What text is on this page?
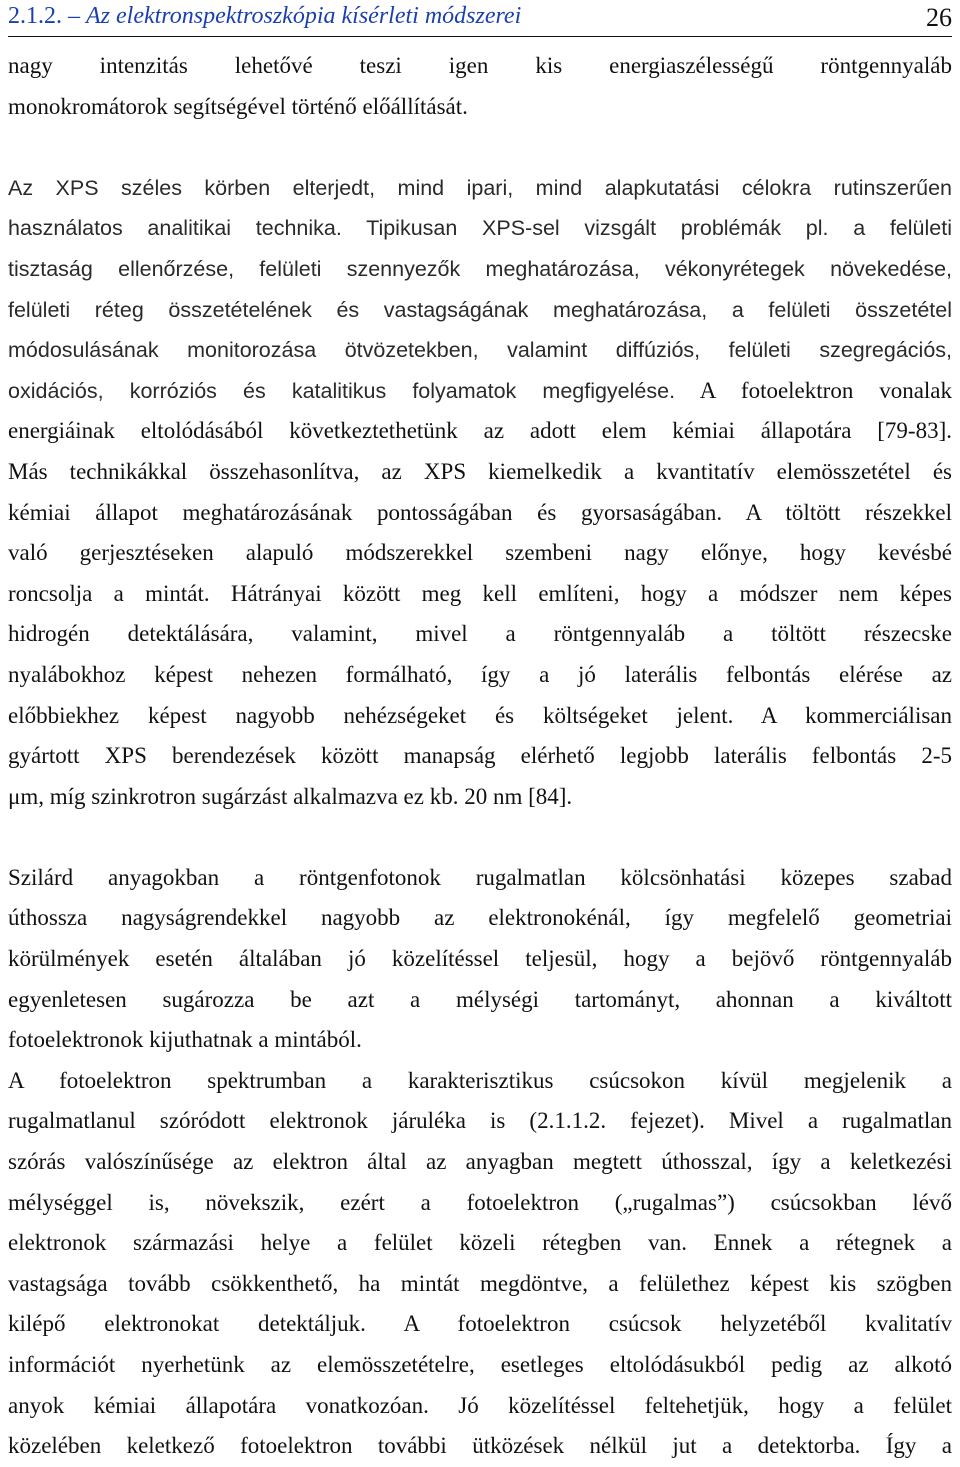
2.1.2. – Az elektronspektroszkópia kísérleti módszerei	26
nagy intenzitás lehetővé teszi igen kis energiaszélességű röntgennyaláb
monokromátorok segítségével történő előállítását.
Az XPS széles körben elterjedt, mind ipari, mind alapkutatási célokra rutinszerűen
használatos analitikai technika. Tipikusan XPS-sel vizsgált problémák pl. a felületi
tisztaság ellenőrzése, felületi szennyezők meghatározása, vékonyrétegek növekedése,
felületi réteg összetételének és vastagságának meghatározása, a felületi összetétel
módosulásának monitorozása ötvözetekben, valamint diffúziós, felületi szegregációs,
oxidációs, korróziós és katalitikus folyamatok megfigyelése. A fotoelektron vonalak
energiáinak eltolódásából következtethetünk az adott elem kémiai állapotára [79-83].
Más technikákkal összehasonlítva, az XPS kiemelkedik a kvantitatív elemösszetétel és
kémiai állapot meghatározásának pontosságában és gyorsaságában. A töltött részekkel
való gerjesztéseken alapuló módszerekkel szembeni nagy előnye, hogy kevésbé
roncsolja a mintát. Hátrányai között meg kell említeni, hogy a módszer nem képes
hidrogén detektálására, valamint, mivel a röntgennyaláb a töltött részecske
nyalábokhoz képest nehezen formálható, így a jó laterális felbontás elérése az
előbbiekhez képest nagyobb nehézségeket és költségeket jelent. A kommerciálisan
gyártott XPS berendezések között manapság elérhető legjobb laterális felbontás 2-5
μm, míg szinkrotron sugárzást alkalmazva ez kb. 20 nm [84].
Szilárd anyagokban a röntgenfotonok rugalmatlan kölcsönhatási közepes szabad
úthossza nagyságrendekkel nagyobb az elektronokénál, így megfelelő geometriai
körülmények esetén általában jó közelítéssel teljesül, hogy a bejövő röntgennyaláb
egyenletesen sugározza be azt a mélységi tartományt, ahonnan a kiváltott
fotoelektronok kijuthatnak a mintából.
A fotoelektron spektrumban a karakterisztikus csúcsokon kívül megjelenik a
rugalmatlanul szóródott elektronok járuléka is (2.1.1.2. fejezet). Mivel a rugalmatlan
szórás valószínűsége az elektron által az anyagban megtett úthosszal, így a keletkezési
mélységgel is, növekszik, ezért a fotoelektron („rugalmas”) csúcsokban lévő
elektronok származási helye a felület közeli rétegben van. Ennek a rétegnek a
vastagsága tovább csökkenthető, ha mintát megdöntve, a felülethez képest kis szögben
kilépő elektronokat detektáljuk. A fotoelektron csúcsok helyzetéből kvalitatív
információt nyerhetünk az elemösszetételre, esetleges eltolódásukból pedig az alkotó
anyok kémiai állapotára vonatkozóan. Jó közelítéssel feltehetjük, hogy a felület
közelében keletkező fotoelektron további ütközések nélkül jut a detektorba. Így a
